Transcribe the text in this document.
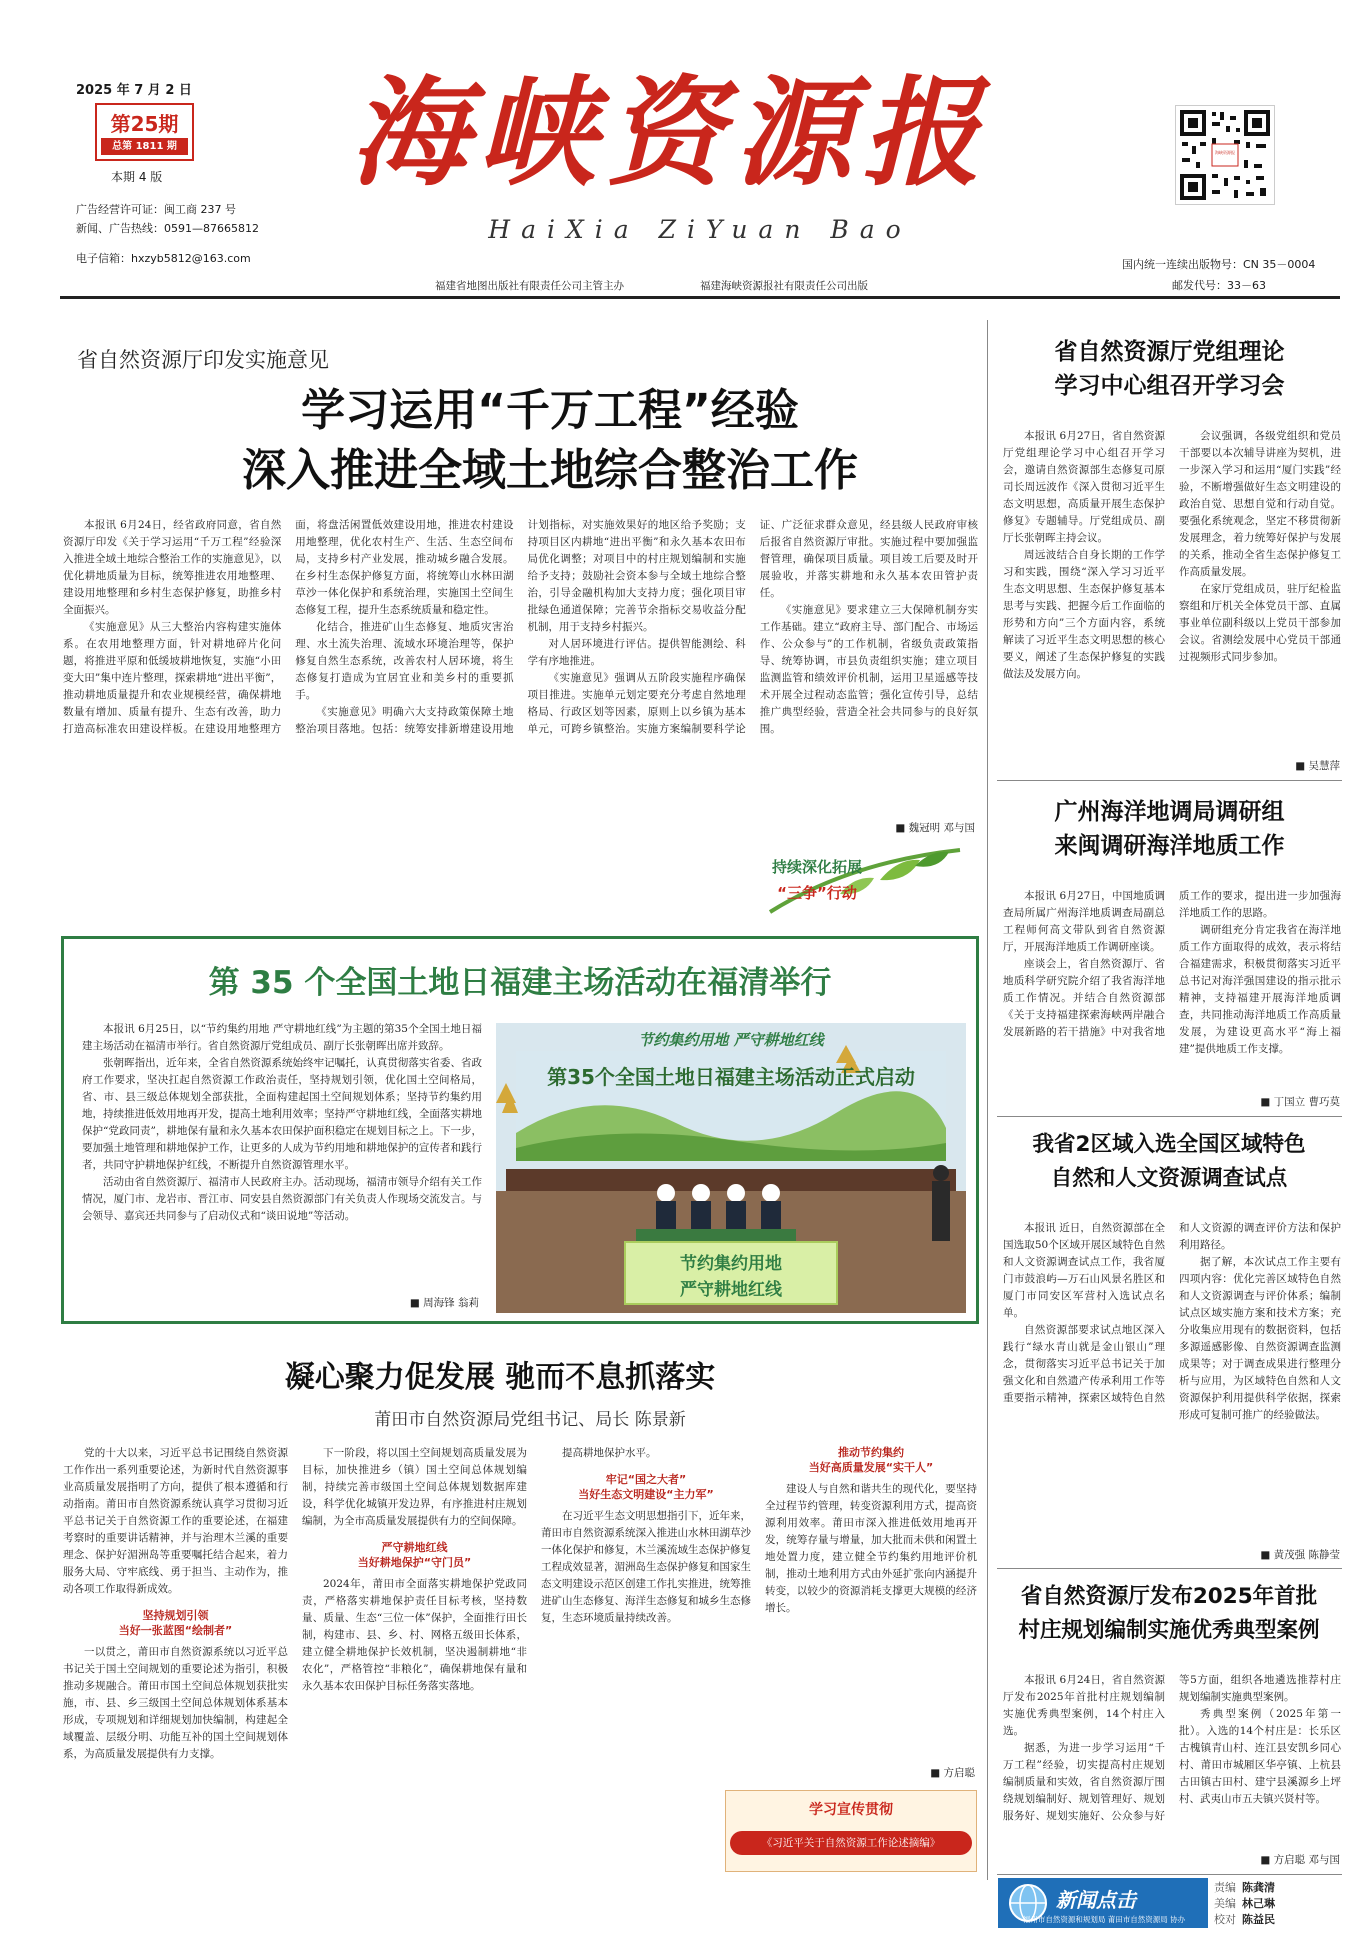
2025 年 7 月 2 日
第25期
总第 1811 期
本期 4 版
广告经营许可证：闽工商 237 号
新闻、广告热线：0591—87665812
电子信箱：hxzyb5812@163.com
海峡资源报
HaiXia ZiYuan Bao
福建省地图出版社有限责任公司主管主办	福建海峡资源报社有限责任公司出版
海峡资源报
国内统一连续出版物号：CN 35－0004
邮发代号：33－63
省自然资源厅印发实施意见
学习运用“千万工程”经验
深入推进全域土地综合整治工作

本报讯 6月24日，经省政府同意，省自然资源厅印发《关于学习运用“千万工程”经验深入推进全域土地综合整治工作的实施意见》，以优化耕地质量为目标，统筹推进农用地整理、建设用地整理和乡村生态保护修复，助推乡村全面振兴。

《实施意见》从三大整治内容构建实施体系。在农用地整理方面，针对耕地碎片化问题，将推进平原和低缓坡耕地恢复，实施“小田变大田”集中连片整理，探索耕地“进出平衡”，推动耕地质量提升和农业规模经营，确保耕地数量有增加、质量有提升、生态有改善，助力打造高标准农田建设样板。在建设用地整理方面，将盘活闲置低效建设用地，推进农村建设用地整理，优化农村生产、生活、生态空间布局，支持乡村产业发展，推动城乡融合发展。在乡村生态保护修复方面，将统筹山水林田湖草沙一体化保护和系统治理，实施国土空间生态修复工程，提升生态系统质量和稳定性。

化结合，推进矿山生态修复、地质灾害治理、水土流失治理、流域水环境治理等，保护修复自然生态系统，改善农村人居环境，将生态修复打造成为宜居宜业和美乡村的重要抓手。

《实施意见》明确六大支持政策保障土地整治项目落地。包括：统筹安排新增建设用地计划指标，对实施效果好的地区给予奖励；支持项目区内耕地“进出平衡”和永久基本农田布局优化调整；对项目中的村庄规划编制和实施给予支持；鼓励社会资本参与全域土地综合整治，引导金融机构加大支持力度；强化项目审批绿色通道保障；完善节余指标交易收益分配机制，用于支持乡村振兴。

对人居环境进行评估。提供智能测绘、科学有序地推进。

《实施意见》强调从五阶段实施程序确保项目推进。实施单元划定要充分考虑自然地理格局、行政区划等因素，原则上以乡镇为基本单元，可跨乡镇整治。实施方案编制要科学论证、广泛征求群众意见，经县级人民政府审核后报省自然资源厅审批。实施过程中要加强监督管理，确保项目质量。项目竣工后要及时开展验收，并落实耕地和永久基本农田管护责任。

《实施意见》要求建立三大保障机制夯实工作基础。建立“政府主导、部门配合、市场运作、公众参与”的工作机制，省级负责政策指导、统筹协调，市县负责组织实施；建立项目监测监管和绩效评价机制，运用卫星遥感等技术开展全过程动态监管；强化宣传引导，总结推广典型经验，营造全社会共同参与的良好氛围。

■ 魏冠明 邓与国
持续深化拓展
“三争”行动
省自然资源厅党组理论
学习中心组召开学习会

本报讯 6月27日，省自然资源厅党组理论学习中心组召开学习会，邀请自然资源部生态修复司原司长周远波作《深入贯彻习近平生态文明思想，高质量开展生态保护修复》专题辅导。厅党组成员、副厅长张朝晖主持会议。

周远波结合自身长期的工作学习和实践，围绕“深入学习习近平生态文明思想、生态保护修复基本思考与实践、把握今后工作面临的形势和方向”三个方面内容，系统解读了习近平生态文明思想的核心要义，阐述了生态保护修复的实践做法及发展方向。

会议强调，各级党组织和党员干部要以本次辅导讲座为契机，进一步深入学习和运用“厦门实践”经验，不断增强做好生态文明建设的政治自觉、思想自觉和行动自觉。要强化系统观念，坚定不移贯彻新发展理念，着力统筹好保护与发展的关系，推动全省生态保护修复工作高质量发展。

在家厅党组成员，驻厅纪检监察组和厅机关全体党员干部、直属事业单位副科级以上党员干部参加会议。省测绘发展中心党员干部通过视频形式同步参加。

■ 吴慧萍
广州海洋地调局调研组
来闽调研海洋地质工作

本报讯 6月27日，中国地质调查局所属广州海洋地质调查局副总工程师何高文带队到省自然资源厅，开展海洋地质工作调研座谈。

座谈会上，省自然资源厅、省地质科学研究院介绍了我省海洋地质工作情况。并结合自然资源部《关于支持福建探索海峡两岸融合发展新路的若干措施》中对我省地质工作的要求，提出进一步加强海洋地质工作的思路。

调研组充分肯定我省在海洋地质工作方面取得的成效，表示将结合福建需求，积极贯彻落实习近平总书记对海洋强国建设的指示批示精神，支持福建开展海洋地质调查，共同推动海洋地质工作高质量发展，为建设更高水平“海上福建”提供地质工作支撑。

■ 丁国立 曹巧莫
我省2区域入选全国区域特色
自然和人文资源调查试点

本报讯 近日，自然资源部在全国选取50个区域开展区域特色自然和人文资源调查试点工作，我省厦门市鼓浪屿—万石山风景名胜区和厦门市同安区军营村入选试点名单。

自然资源部要求试点地区深入践行“绿水青山就是金山银山”理念，贯彻落实习近平总书记关于加强文化和自然遗产传承利用工作等重要指示精神，探索区域特色自然和人文资源的调查评价方法和保护利用路径。

据了解，本次试点工作主要有四项内容：优化完善区域特色自然和人文资源调查与评价体系；编制试点区域实施方案和技术方案；充分收集应用现有的数据资料，包括多源遥感影像、自然资源调查监测成果等；对于调查成果进行整理分析与应用，为区域特色自然和人文资源保护利用提供科学依据，探索形成可复制可推广的经验做法。

■ 黄茂强 陈静莹
省自然资源厅发布2025年首批
村庄规划编制实施优秀典型案例

本报讯 6月24日，省自然资源厅发布2025年首批村庄规划编制实施优秀典型案例，14个村庄入选。

据悉，为进一步学习运用“千万工程”经验，切实提高村庄规划编制质量和实效，省自然资源厅围绕规划编制好、规划管理好、规划服务好、规划实施好、公众参与好等5方面，组织各地遴选推荐村庄规划编制实施典型案例。

秀典型案例（2025年第一批）。入选的14个村庄是：长乐区古槐镇青山村、连江县安凯乡同心村、莆田市城厢区华亭镇、上杭县古田镇古田村、建宁县溪源乡上坪村、武夷山市五夫镇兴贤村等。

■ 方启聪 邓与国
第 35 个全国土地日福建主场活动在福清举行

本报讯 6月25日，以“节约集约用地 严守耕地红线”为主题的第35个全国土地日福建主场活动在福清市举行。省自然资源厅党组成员、副厅长张朝晖出席并致辞。

张朝晖指出，近年来，全省自然资源系统始终牢记嘱托，认真贯彻落实省委、省政府工作要求，坚决扛起自然资源工作政治责任，坚持规划引领，优化国土空间格局，省、市、县三级总体规划全部获批，全面构建起国土空间规划体系；坚持节约集约用地，持续推进低效用地再开发，提高土地利用效率；坚持严守耕地红线，全面落实耕地保护“党政同责”，耕地保有量和永久基本农田保护面积稳定在规划目标之上。下一步，要加强土地管理和耕地保护工作，让更多的人成为节约用地和耕地保护的宣传者和践行者，共同守护耕地保护红线，不断提升自然资源管理水平。

活动由省自然资源厅、福清市人民政府主办。活动现场，福清市领导介绍有关工作情况，厦门市、龙岩市、晋江市、同安县自然资源部门有关负责人作现场交流发言。与会领导、嘉宾还共同参与了启动仪式和“谈田说地”等活动。

■ 周海锋 翁莉
节约集约用地 严守耕地红线
第35个全国土地日福建主场活动正式启动
节约集约用地
严守耕地红线
凝心聚力促发展 驰而不息抓落实
莆田市自然资源局党组书记、局长 陈景新

党的十大以来，习近平总书记围绕自然资源工作作出一系列重要论述，为新时代自然资源事业高质量发展指明了方向，提供了根本遵循和行动指南。莆田市自然资源系统认真学习贯彻习近平总书记关于自然资源工作的重要论述，在福建考察时的重要讲话精神，并与治理木兰溪的重要理念、保护好湄洲岛等重要嘱托结合起来，着力服务大局、守牢底线、勇于担当、主动作为，推动各项工作取得新成效。

坚持规划引领
当好一张蓝图“绘制者”

一以贯之，莆田市自然资源系统以习近平总书记关于国土空间规划的重要论述为指引，积极推动多规融合。莆田市国土空间总体规划获批实施，市、县、乡三级国土空间总体规划体系基本形成，专项规划和详细规划加快编制，构建起全域覆盖、层级分明、功能互补的国土空间规划体系，为高质量发展提供有力支撑。

下一阶段，将以国土空间规划高质量发展为目标，加快推进乡（镇）国土空间总体规划编制，持续完善市级国土空间总体规划数据库建设，科学优化城镇开发边界，有序推进村庄规划编制，为全市高质量发展提供有力的空间保障。

严守耕地红线
当好耕地保护“守门员”

2024年，莆田市全面落实耕地保护党政同责，严格落实耕地保护责任目标考核，坚持数量、质量、生态“三位一体”保护，全面推行田长制，构建市、县、乡、村、网格五级田长体系，建立健全耕地保护长效机制，坚决遏制耕地“非农化”，严格管控“非粮化”，确保耕地保有量和永久基本农田保护目标任务落实落地。

提高耕地保护水平。

牢记“国之大者”
当好生态文明建设“主力军”

在习近平生态文明思想指引下，近年来，莆田市自然资源系统深入推进山水林田湖草沙一体化保护和修复，木兰溪流域生态保护修复工程成效显著，湄洲岛生态保护修复和国家生态文明建设示范区创建工作扎实推进，统筹推进矿山生态修复、海洋生态修复和城乡生态修复，生态环境质量持续改善。

推动节约集约
当好高质量发展“实干人”

建设人与自然和谐共生的现代化，要坚持全过程节约管理，转变资源利用方式，提高资源利用效率。莆田市深入推进低效用地再开发，统筹存量与增量，加大批而未供和闲置土地处置力度，建立健全节约集约用地评价机制，推动土地利用方式由外延扩张向内涵提升转变，以较少的资源消耗支撑更大规模的经济增长。

■ 方启聪
学习宣传贯彻
《习近平关于自然资源工作论述摘编》
新闻点击
福州市自然资源和规划局 莆田市自然资源局 协办
责编 陈龚清
美编 林己琳
校对 陈益民
